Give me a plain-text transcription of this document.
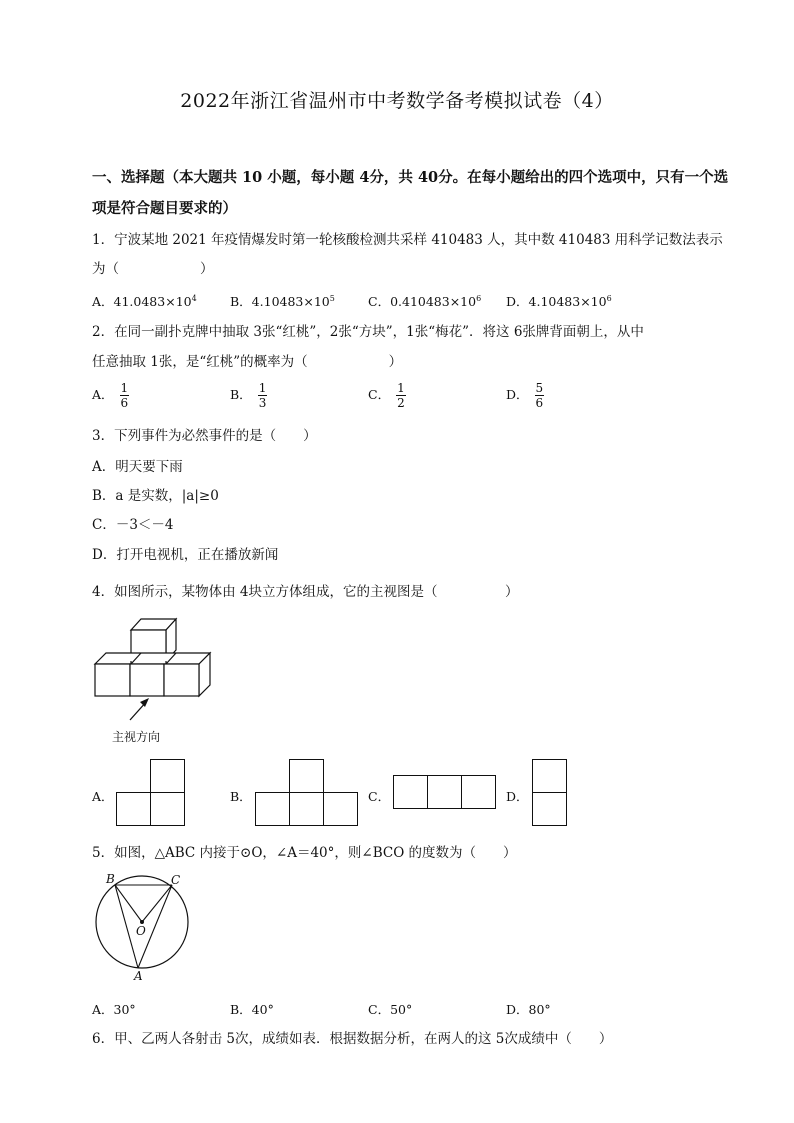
2022年浙江省温州市中考数学备考模拟试卷（4）
一、选择题（本大题共 10 小题，每小题 4分，共 40分。在每小题给出的四个选项中，只有一个选
项是符合题目要求的）
1．宁波某地 2021 年疫情爆发时第一轮核酸检测共采样 410483 人，其中数 410483 用科学记数法表示
为（　　　　　　）
A．$41.0483\times 10^4$	B．$4.10483\times 10^5$	C．$0.410483\times 10^6$ D．$4.10483\times 10^6$
2．在同一副扑克牌中抽取 3张“红桃”，2张“方块”，1张“梅花”．将这 6张牌背面朝上，从中
任意抽取 1张，是“红桃”的概率为（　　　　　　）
A． $\frac{1}{6}$	B． $\frac{1}{3}$	C． $\frac{1}{2}$	D． $\frac{5}{6}$
3．下列事件为必然事件的是（　　）
A．明天要下雨
B．a 是实数，|a|≥0
C．－3＜－4
D．打开电视机，正在播放新闻
4．如图所示，某物体由 4块立方体组成，它的主视图是（　　　　　）
主视方向
A．	B．	C．	D．
5．如图，△ABC 内接于⊙O，∠A＝40°，则∠BCO 的度数为（　　）
B	C
O
A
A．30°	B．40°	C．50°	D．80°
6．甲、乙两人各射击 5次，成绩如表．根据数据分析，在两人的这 5次成绩中（　　）
